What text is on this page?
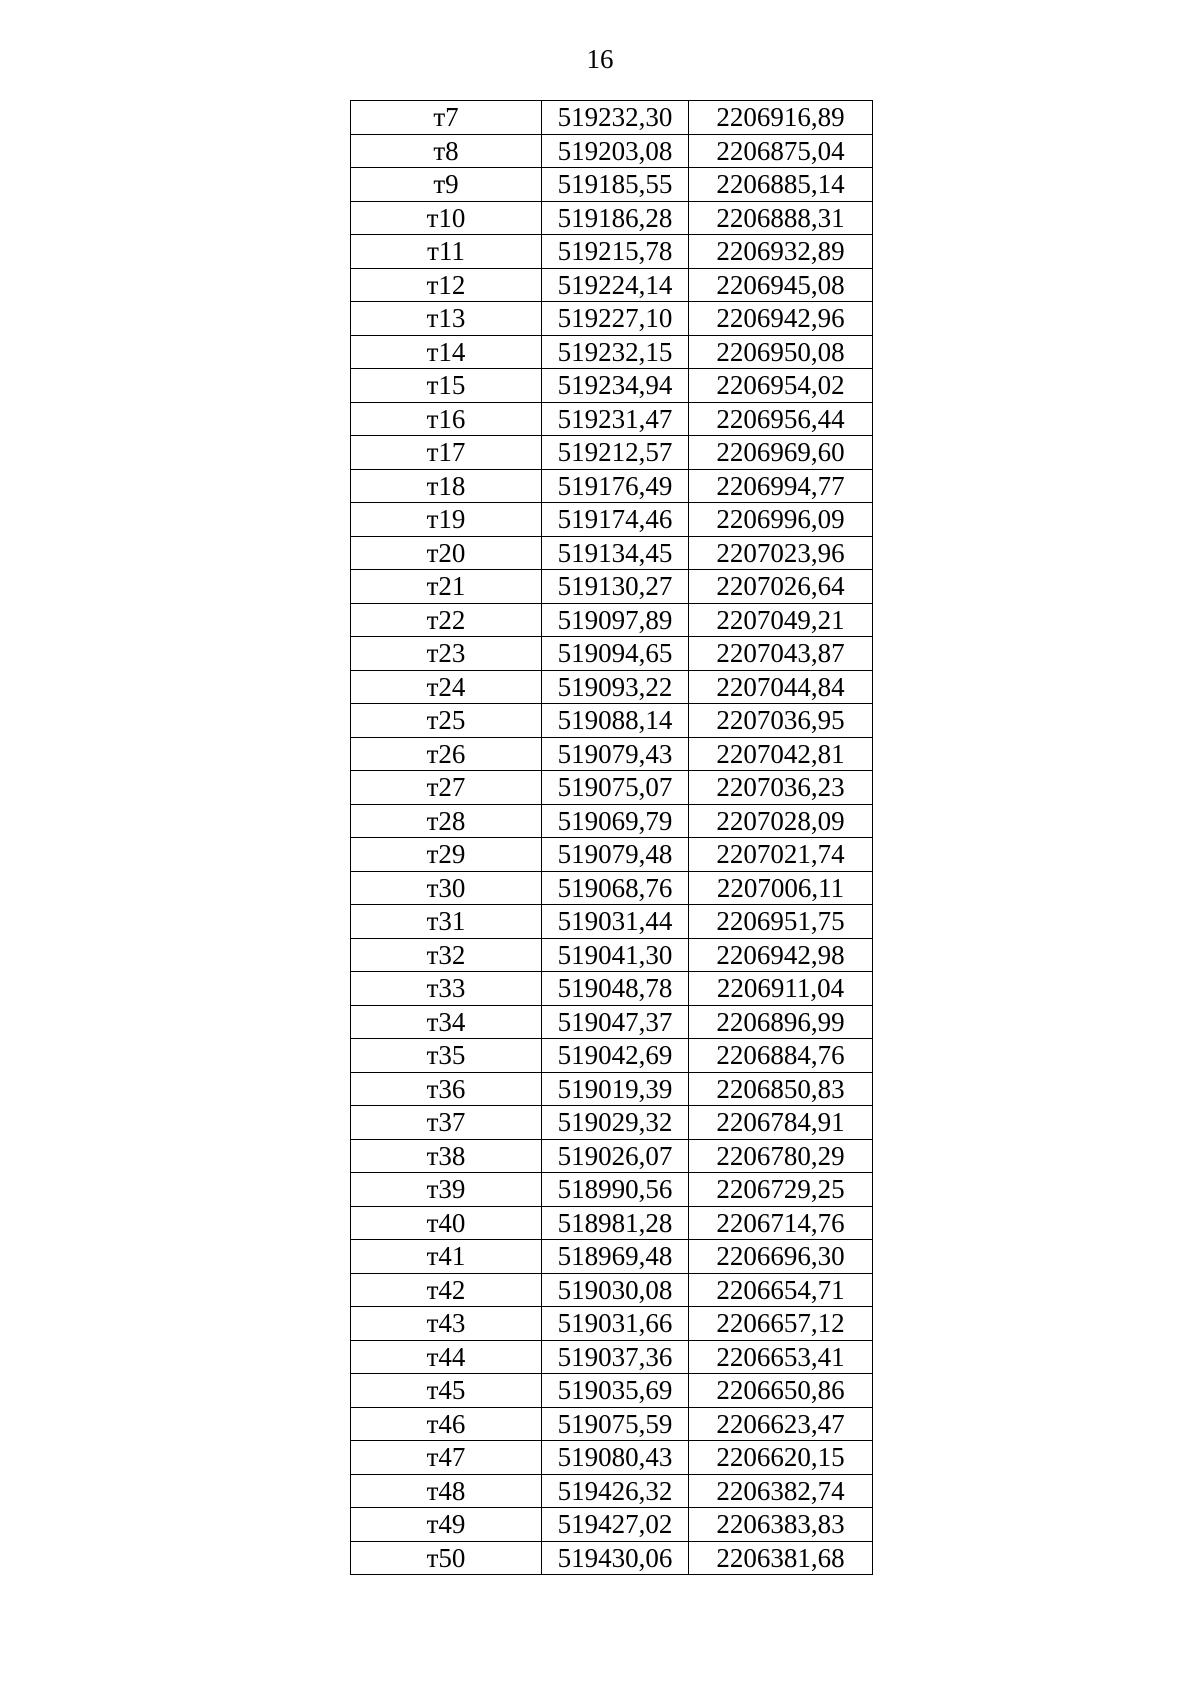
16
т7	519232,30	2206916,89
т8	519203,08	2206875,04
т9	519185,55	2206885,14
т10	519186,28	2206888,31
т11	519215,78	2206932,89
т12	519224,14	2206945,08
т13	519227,10	2206942,96
т14	519232,15	2206950,08
т15	519234,94	2206954,02
т16	519231,47	2206956,44
т17	519212,57	2206969,60
т18	519176,49	2206994,77
т19	519174,46	2206996,09
т20	519134,45	2207023,96
т21	519130,27	2207026,64
т22	519097,89	2207049,21
т23	519094,65	2207043,87
т24	519093,22	2207044,84
т25	519088,14	2207036,95
т26	519079,43	2207042,81
т27	519075,07	2207036,23
т28	519069,79	2207028,09
т29	519079,48	2207021,74
т30	519068,76	2207006,11
т31	519031,44	2206951,75
т32	519041,30	2206942,98
т33	519048,78	2206911,04
т34	519047,37	2206896,99
т35	519042,69	2206884,76
т36	519019,39	2206850,83
т37	519029,32	2206784,91
т38	519026,07	2206780,29
т39	518990,56	2206729,25
т40	518981,28	2206714,76
т41	518969,48	2206696,30
т42	519030,08	2206654,71
т43	519031,66	2206657,12
т44	519037,36	2206653,41
т45	519035,69	2206650,86
т46	519075,59	2206623,47
т47	519080,43	2206620,15
т48	519426,32	2206382,74
т49	519427,02	2206383,83
т50	519430,06	2206381,68
